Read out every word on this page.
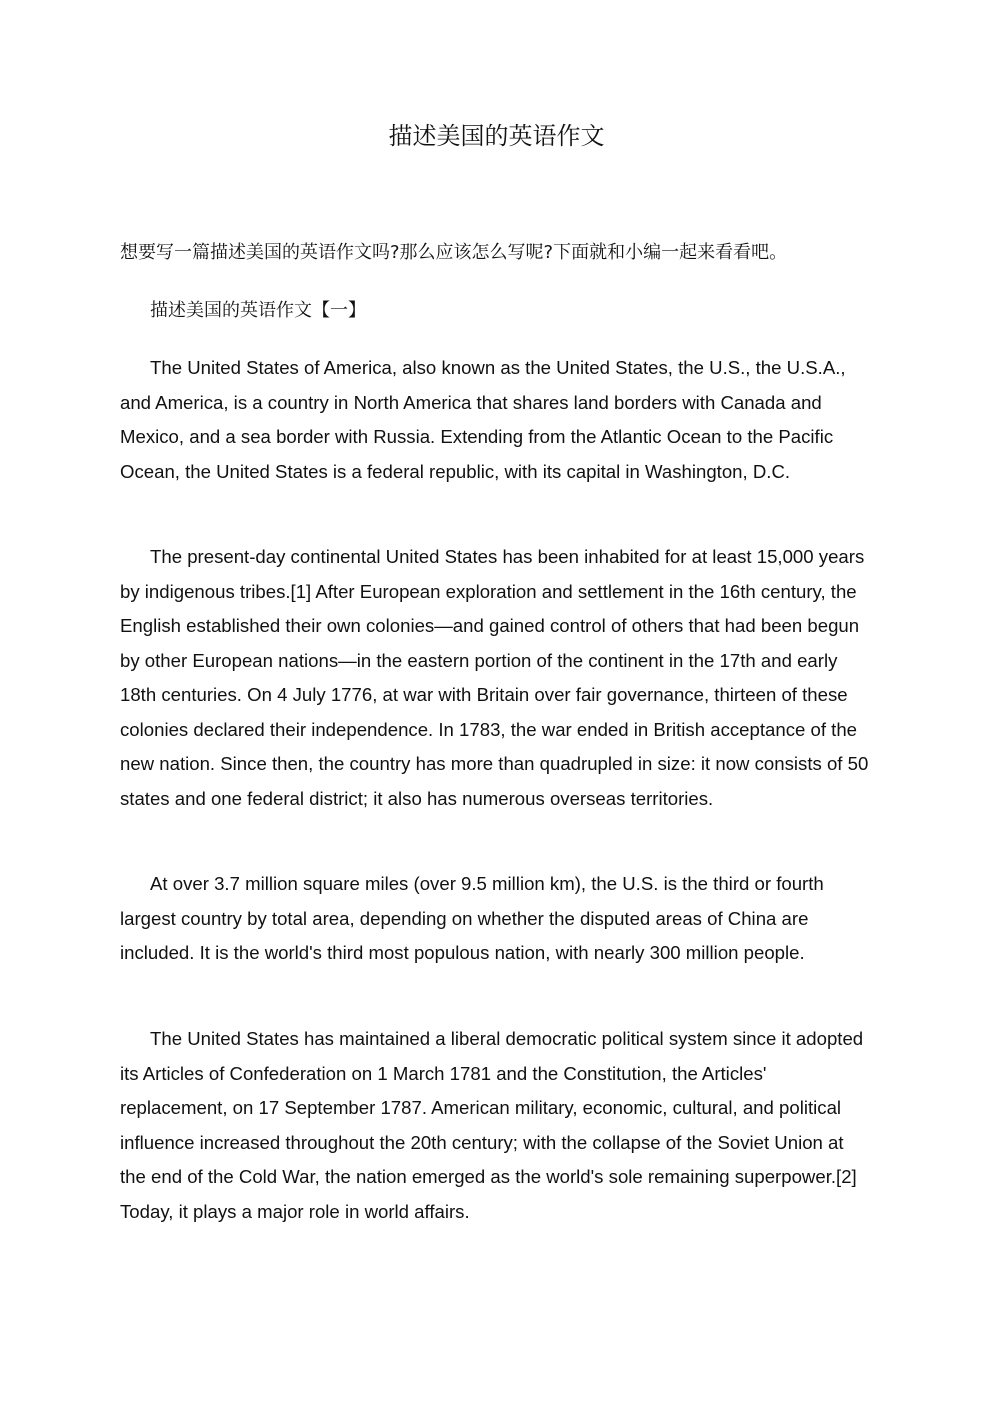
描述美国的英语作文

想要写一篇描述美国的英语作文吗?那么应该怎么写呢?下面就和小编一起来看看吧。

描述美国的英语作文【一】

The United States of America, also known as the United States, the U.S., the U.S.A., and America, is a country in North America that shares land borders with Canada and Mexico, and a sea border with Russia. Extending from the Atlantic Ocean to the Pacific Ocean, the United States is a federal republic, with its capital in Washington, D.C.

The present-day continental United States has been inhabited for at least 15,000 years by indigenous tribes.[1] After European exploration and settlement in the 16th century, the English established their own colonies—and gained control of others that had been begun by other European nations—in the eastern portion of the continent in the 17th and early 18th centuries. On 4 July 1776, at war with Britain over fair governance, thirteen of these colonies declared their independence. In 1783, the war ended in British acceptance of the new nation. Since then, the country has more than quadrupled in size: it now consists of 50 states and one federal district; it also has numerous overseas territories.

At over 3.7 million square miles (over 9.5 million km), the U.S. is the third or fourth largest country by total area, depending on whether the disputed areas of China are included. It is the world's third most populous nation, with nearly 300 million people.

The United States has maintained a liberal democratic political system since it adopted its Articles of Confederation on 1 March 1781 and the Constitution, the Articles' replacement, on 17 September 1787. American military, economic, cultural, and political influence increased throughout the 20th century; with the collapse of the Soviet Union at the end of the Cold War, the nation emerged as the world's sole remaining superpower.[2] Today, it plays a major role in world affairs.
